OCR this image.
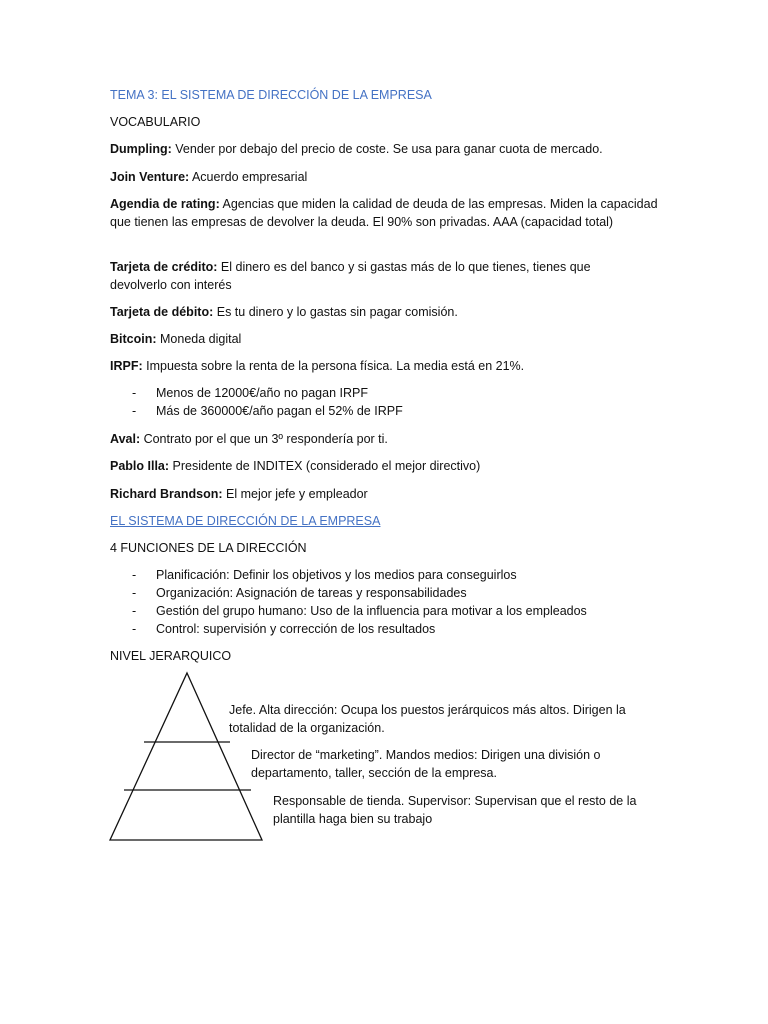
TEMA 3: EL SISTEMA DE DIRECCIÓN DE LA EMPRESA

VOCABULARIO

Dumpling: Vender por debajo del precio de coste. Se usa para ganar cuota de mercado.

Join Venture: Acuerdo empresarial

Agendia de rating: Agencias que miden la calidad de deuda de las empresas. Miden la capacidad que tienen las empresas de devolver la deuda. El 90% son privadas. AAA (capacidad total)

Tarjeta de crédito: El dinero es del banco y si gastas más de lo que tienes, tienes que devolverlo con interés

Tarjeta de débito: Es tu dinero y lo gastas sin pagar comisión.

Bitcoin: Moneda digital

IRPF: Impuesta sobre la renta de la persona física. La media está en 21%.

- Menos de 12000€/año no pagan IRPF
- Más de 360000€/año pagan el 52% de IRPF

Aval: Contrato por el que un 3º respondería por ti.

Pablo Illa: Presidente de INDITEX (considerado el mejor directivo)

Richard Brandson: El mejor jefe y empleador

EL SISTEMA DE DIRECCIÓN DE LA EMPRESA

4 FUNCIONES DE LA DIRECCIÓN

- Planificación: Definir los objetivos y los medios para conseguirlos
- Organización: Asignación de tareas y responsabilidades
- Gestión del grupo humano: Uso de la influencia para motivar a los empleados
- Control: supervisión y corrección de los resultados

NIVEL JERARQUICO

Jefe. Alta dirección: Ocupa los puestos jerárquicos más altos. Dirigen la totalidad de la organización.

Director de “marketing”. Mandos medios: Dirigen una división o departamento, taller, sección de la empresa.

Responsable de tienda. Supervisor: Supervisan que el resto de la plantilla haga bien su trabajo
